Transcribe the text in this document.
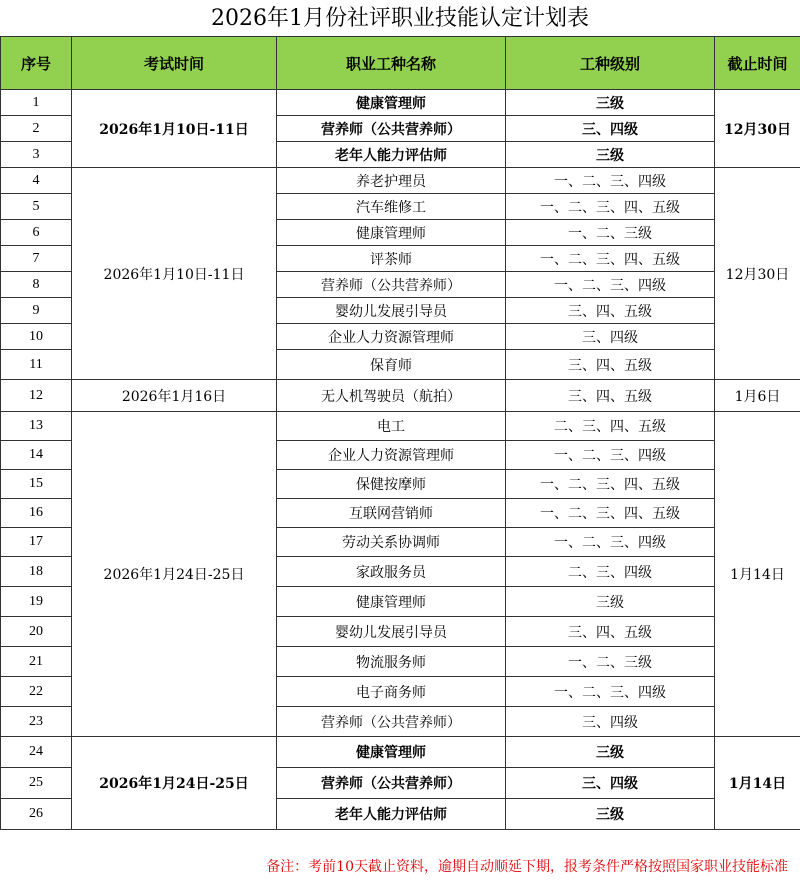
2026年1月份社评职业技能认定计划表
序号	考试时间	职业工种名称	工种级别	截止时间
1	2026年1月10日-11日	健康管理师	三级	12月30日
2		营养师（公共营养师）	三、四级	
3		老年人能力评估师	三级	
4	2026年1月10日-11日	养老护理员	一、二、三、四级	12月30日
5		汽车维修工	一、二、三、四、五级	
6		健康管理师	一、二、三级	
7		评茶师	一、二、三、四、五级	
8		营养师（公共营养师）	一、二、三、四级	
9		婴幼儿发展引导员	三、四、五级	
10		企业人力资源管理师	三、四级	
11		保育师	三、四、五级	
12	2026年1月16日	无人机驾驶员（航拍）	三、四、五级	1月6日
13	2026年1月24日-25日	电工	二、三、四、五级	1月14日
14		企业人力资源管理师	一、二、三、四级	
15		保健按摩师	一、二、三、四、五级	
16		互联网营销师	一、二、三、四、五级	
17		劳动关系协调师	一、二、三、四级	
18		家政服务员	二、三、四级	
19		健康管理师	三级	
20		婴幼儿发展引导员	三、四、五级	
21		物流服务师	一、二、三级	
22		电子商务师	一、二、三、四级	
23		营养师（公共营养师）	三、四级	
24	2026年1月24日-25日	健康管理师	三级	1月14日
25		营养师（公共营养师）	三、四级	
26		老年人能力评估师	三级	
备注：考前10天截止资料，逾期自动顺延下期，报考条件严格按照国家职业技能标准
